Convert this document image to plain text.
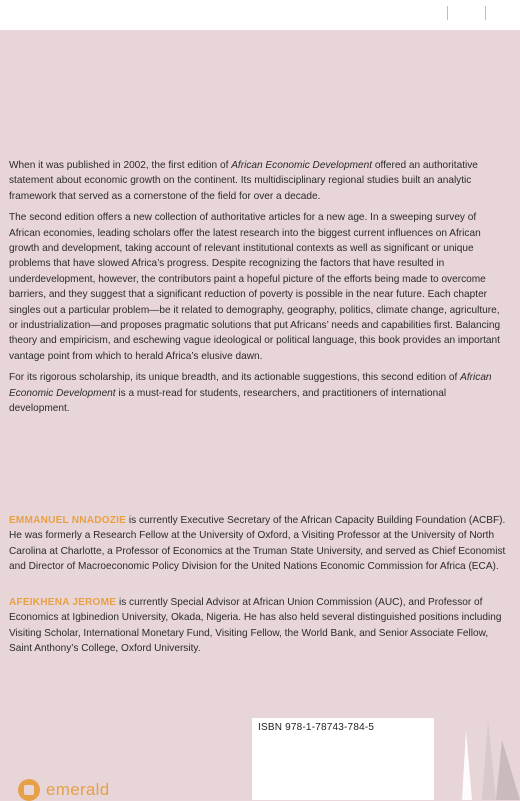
When it was published in 2002, the first edition of African Economic Development offered an authoritative statement about economic growth on the continent. Its multidisciplinary regional studies built an analytic framework that served as a cornerstone of the field for over a decade.

The second edition offers a new collection of authoritative articles for a new age. In a sweeping survey of African economies, leading scholars offer the latest research into the biggest current influences on African growth and development, taking account of relevant institutional contexts as well as significant or unique problems that have slowed Africa’s progress. Despite recognizing the factors that have resulted in underdevelopment, however, the contributors paint a hopeful picture of the efforts being made to overcome barriers, and they suggest that a significant reduction of poverty is possible in the near future. Each chapter singles out a particular problem—be it related to demography, geography, politics, climate change, agriculture, or industrialization—and proposes pragmatic solutions that put Africans’ needs and capabilities first. Balancing theory and empiricism, and eschewing vague ideological or political language, this book provides an important vantage point from which to herald Africa’s elusive dawn.

For its rigorous scholarship, its unique breadth, and its actionable suggestions, this second edition of African Economic Development is a must-read for students, researchers, and practitioners of international development.

EMMANUEL NNADOZIE is currently Executive Secretary of the African Capacity Building Foundation (ACBF). He was formerly a Research Fellow at the University of Oxford, a Visiting Professor at the University of North Carolina at Charlotte, a Professor of Economics at the Truman State University, and served as Chief Economist and Director of Macroeconomic Policy Division for the United Nations Economic Commission for Africa (ECA).
AFEIKHENA JEROME is currently Special Advisor at African Union Commission (AUC), and Professor of Economics at Igbinedion University, Okada, Nigeria. He has also held several distinguished positions including Visiting Scholar, International Monetary Fund, Visiting Fellow, the World Bank, and Senior Associate Fellow, Saint Anthony’s College, Oxford University.
ISBN 978-1-78743-784-5
emerald
